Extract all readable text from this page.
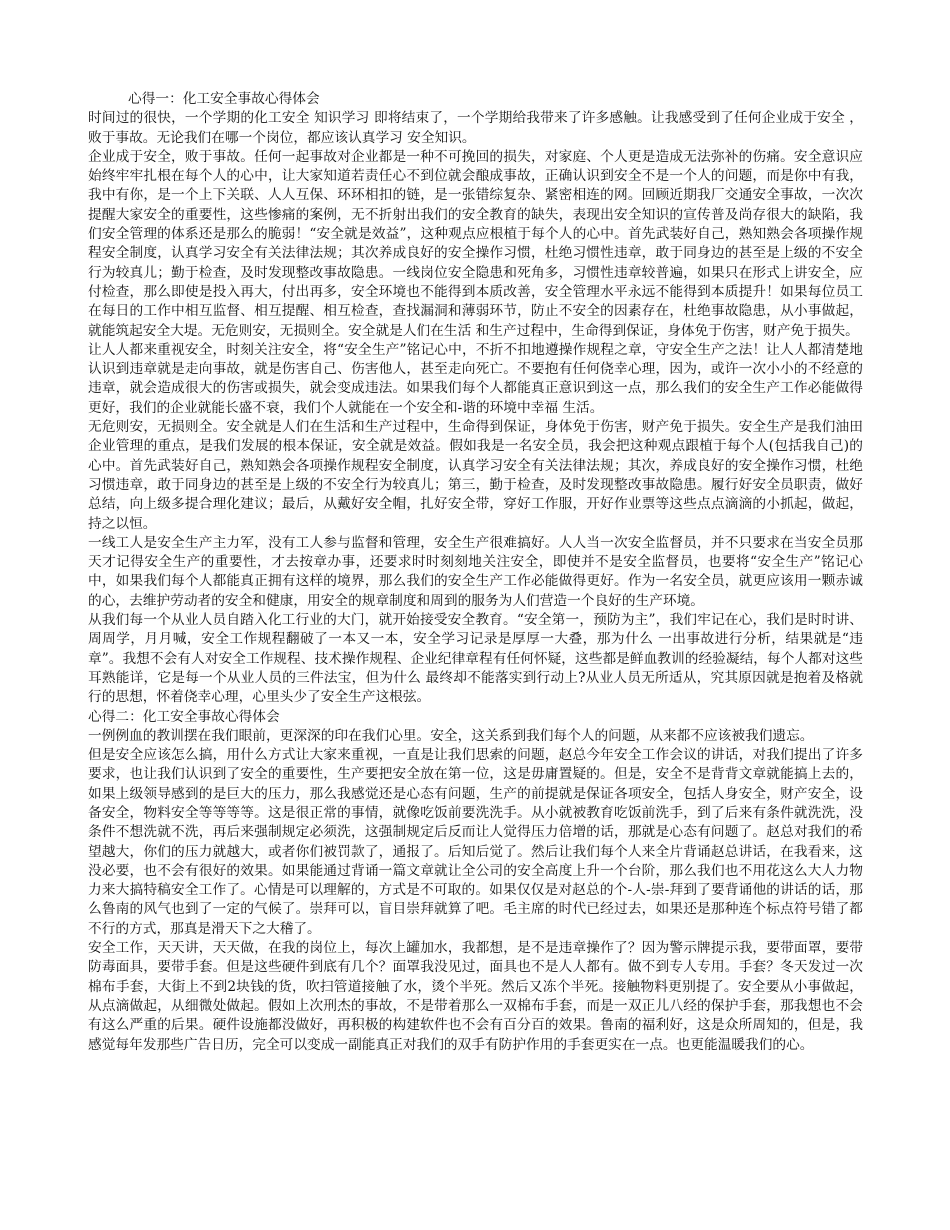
心得一：化工安全事故心得体会

时间过的很快，一个学期的化工安全 知识学习 即将结束了，一个学期给我带来了许多感触。让我感受到了任何企业成于安全 ，败于事故。无论我们在哪一个岗位，都应该认真学习 安全知识。

企业成于安全，败于事故。任何一起事故对企业都是一种不可挽回的损失，对家庭、个人更是造成无法弥补的伤痛。安全意识应始终牢牢扎根在每个人的心中，让大家知道若责任心不到位就会酿成事故，正确认识到安全不是一个人的问题，而是你中有我，我中有你，是一个上下关联、人人互保、环环相扣的链，是一张错综复杂、紧密相连的网。回顾近期我厂交通安全事故，一次次提醒大家安全的重要性，这些惨痛的案例，无不折射出我们的安全教育的缺失，表现出安全知识的宣传普及尚存很大的缺陷，我们安全管理的体系还是那么的脆弱！“安全就是效益”，这种观点应根植于每个人的心中。首先武装好自己，熟知熟会各项操作规程安全制度，认真学习安全有关法律法规；其次养成良好的安全操作习惯，杜绝习惯性违章，敢于同身边的甚至是上级的不安全行为较真儿；勤于检查，及时发现整改事故隐患。一线岗位安全隐患和死角多，习惯性违章较普遍，如果只在形式上讲安全，应付检查，那么即使是投入再大，付出再多，安全环境也不能得到本质改善，安全管理水平永远不能得到本质提升！如果每位员工在每日的工作中相互监督、相互提醒、相互检查，查找漏洞和薄弱环节，防止不安全的因素存在，杜绝事故隐患，从小事做起，就能筑起安全大堤。无危则安，无损则全。安全就是人们在生活 和生产过程中，生命得到保证，身体免于伤害，财产免于损失。

让人人都来重视安全，时刻关注安全，将“安全生产”铭记心中，不折不扣地遵操作规程之章，守安全生产之法！让人人都清楚地认识到违章就是走向事故，就是伤害自己、伤害他人，甚至走向死亡。不要抱有任何侥幸心理，因为，或许一次小小的不经意的违章，就会造成很大的伤害或损失，就会变成违法。如果我们每个人都能真正意识到这一点，那么我们的安全生产工作必能做得更好，我们的企业就能长盛不衰，我们个人就能在一个安全和-谐的环境中幸福 生活。

无危则安，无损则全。安全就是人们在生活和生产过程中，生命得到保证，身体免于伤害，财产免于损失。安全生产是我们油田企业管理的重点，是我们发展的根本保证，安全就是效益。假如我是一名安全员，我会把这种观点跟植于每个人(包括我自己)的心中。首先武装好自己，熟知熟会各项操作规程安全制度，认真学习安全有关法律法规；其次，养成良好的安全操作习惯，杜绝习惯违章，敢于同身边的甚至是上级的不安全行为较真儿；第三，勤于检查，及时发现整改事故隐患。履行好安全员职责，做好总结，向上级多提合理化建议；最后，从戴好安全帽，扎好安全带，穿好工作服，开好作业票等这些点点滴滴的小抓起，做起，持之以恒。

一线工人是安全生产主力军，没有工人参与监督和管理，安全生产很难搞好。人人当一次安全监督员，并不只要求在当安全员那天才记得安全生产的重要性，才去按章办事，还要求时时刻刻地关注安全，即使并不是安全监督员，也要将“安全生产”铭记心中，如果我们每个人都能真正拥有这样的境界，那么我们的安全生产工作必能做得更好。作为一名安全员，就更应该用一颗赤诚的心，去维护劳动者的安全和健康，用安全的规章制度和周到的服务为人们营造一个良好的生产环境。

从我们每一个从业人员自踏入化工行业的大门，就开始接受安全教育。“安全第一，预防为主”，我们牢记在心，我们是时时讲、周周学，月月喊，安全工作规程翻破了一本又一本，安全学习记录是厚厚一大叠，那为什么 一出事故进行分析，结果就是“违章”。我想不会有人对安全工作规程、技术操作规程、企业纪律章程有任何怀疑，这些都是鲜血教训的经验凝结，每个人都对这些耳熟能详，它是每一个从业人员的三件法宝，但为什么 最终却不能落实到行动上?从业人员无所适从，究其原因就是抱着及格就行的思想，怀着侥幸心理，心里头少了安全生产这根弦。

心得二：化工安全事故心得体会

一例例血的教训摆在我们眼前，更深深的印在我们心里。安全，这关系到我们每个人的问题，从来都不应该被我们遗忘。

但是安全应该怎么搞，用什么方式让大家来重视，一直是让我们思索的问题，赵总今年安全工作会议的讲话，对我们提出了许多要求，也让我们认识到了安全的重要性，生产要把安全放在第一位，这是毋庸置疑的。但是，安全不是背背文章就能搞上去的，如果上级领导感到的是巨大的压力，那么我感觉还是心态有问题，生产的前提就是保证各项安全，包括人身安全，财产安全，设备安全，物料安全等等等等。这是很正常的事情，就像吃饭前要洗洗手。从小就被教育吃饭前洗手，到了后来有条件就洗洗，没条件不想洗就不洗，再后来强制规定必须洗，这强制规定后反而让人觉得压力倍增的话，那就是心态有问题了。赵总对我们的希望越大，你们的压力就越大，或者你们被罚款了，通报了。后知后觉了。然后让我们每个人来全片背诵赵总讲话，在我看来，这没必要，也不会有很好的效果。如果能通过背诵一篇文章就让全公司的安全高度上升一个台阶，那么我们也不用花这么大人力物力来大搞特稿安全工作了。心情是可以理解的，方式是不可取的。如果仅仅是对赵总的个-人-崇-拜到了要背诵他的讲话的话，那么鲁南的风气也到了一定的气候了。崇拜可以，盲目崇拜就算了吧。毛主席的时代已经过去，如果还是那种连个标点符号错了都不行的方式，那真是滑天下之大稽了。

安全工作，天天讲，天天做，在我的岗位上，每次上罐加水，我都想，是不是违章操作了？因为警示牌提示我，要带面罩，要带防毒面具，要带手套。但是这些硬件到底有几个？面罩我没见过，面具也不是人人都有。做不到专人专用。手套？冬天发过一次棉布手套，大街上不到2块钱的货，吹扫管道接触了水，烫个半死。然后又冻个半死。接触物料更别提了。安全要从小事做起，从点滴做起，从细微处做起。假如上次刑杰的事故，不是带着那么一双棉布手套，而是一双正儿八经的保护手套，那我想也不会有这么严重的后果。硬件设施都没做好，再积极的构建软件也不会有百分百的效果。鲁南的福利好，这是众所周知的，但是，我感觉每年发那些广告日历，完全可以变成一副能真正对我们的双手有防护作用的手套更实在一点。也更能温暖我们的心。
